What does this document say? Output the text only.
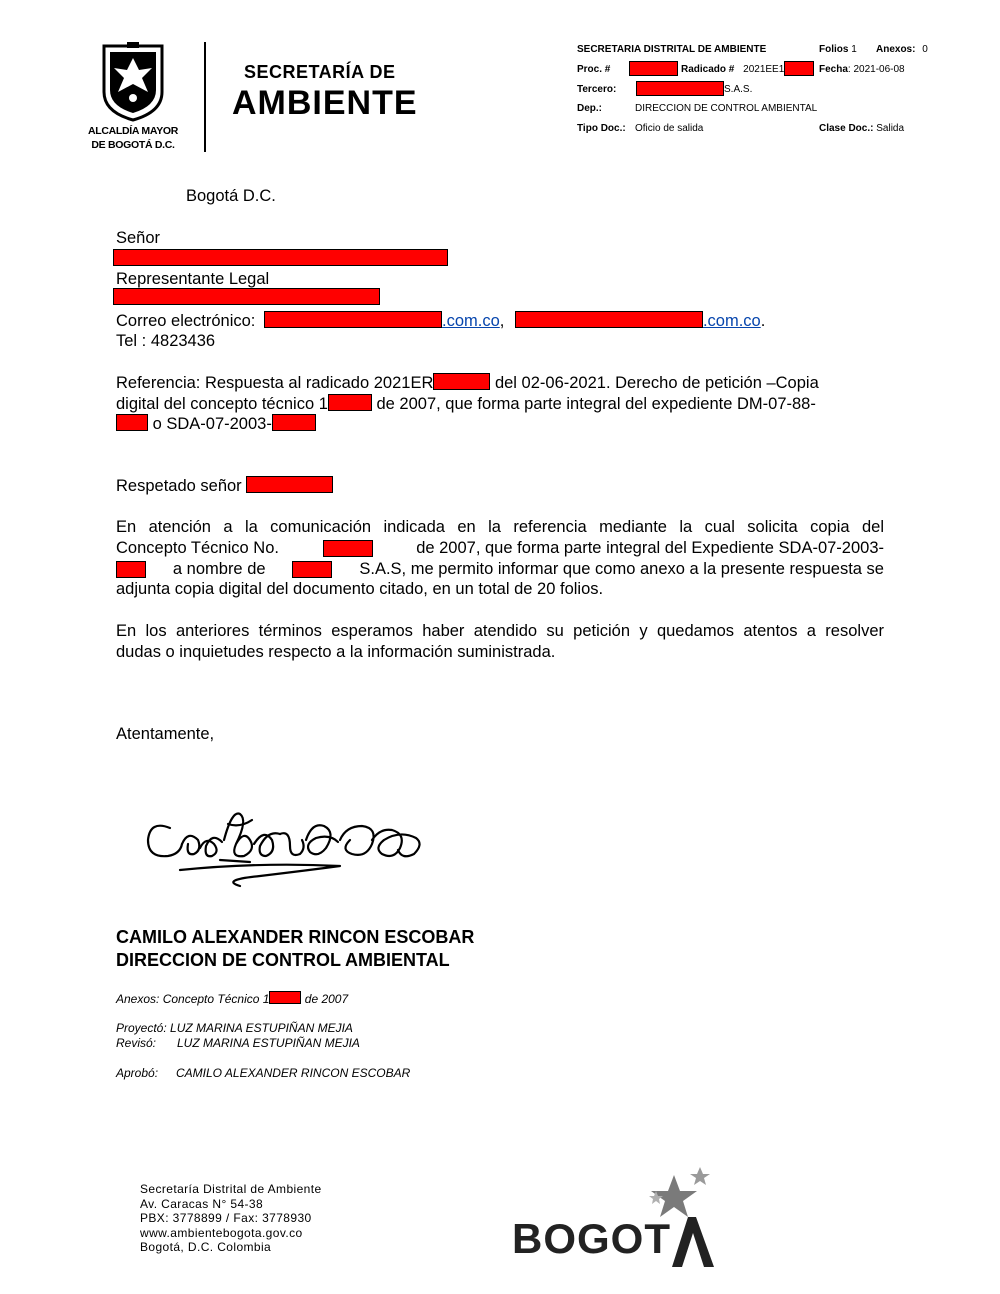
ALCALDÍA MAYOR
DE BOGOTÁ D.C.
SECRETARÍA DE
AMBIENTE
SECRETARIA DISTRITAL DE AMBIENTE	Folios 1 Anexos: 0
Proc. #	Radicado # 2021EE1	Fecha: 2021-06-08
Tercero:	S.A.S.
Dep.:	DIRECCION DE CONTROL AMBIENTAL
Tipo Doc.: Oficio de salida	Clase Doc.: Salida
Bogotá D.C.
Señor
Representante Legal
Correo electrónico:	.com.co,	.com.co.
Tel : 4823436
Referencia: Respuesta al radicado 2021ER	del 02-06-2021. Derecho de petición –Copia
digital del concepto técnico 1	de 2007, que forma parte integral del expediente DM-07-88-
o SDA-07-2003-
Respetado señor
En atención a la comunicación indicada en la referencia mediante la cual solicita copia del
Concepto Técnico No.	de 2007, que forma parte integral del Expediente SDA-07-2003-
a nombre de	S.A.S, me permito informar que como anexo a la presente respuesta se
adjunta copia digital del documento citado, en un total de 20 folios.
En los anteriores términos esperamos haber atendido su petición y quedamos atentos a resolver
dudas o inquietudes respecto a la información suministrada.
Atentamente,
CAMILO ALEXANDER RINCON ESCOBAR
DIRECCION DE CONTROL AMBIENTAL
Anexos: Concepto Técnico 1	de 2007
Proyectó: LUZ MARINA ESTUPIÑAN MEJIA
Revisó: LUZ MARINA ESTUPIÑAN MEJIA
Aprobó: CAMILO ALEXANDER RINCON ESCOBAR
Secretaría Distrital de Ambiente
Av. Caracas N° 54-38
PBX: 3778899 / Fax: 3778930
www.ambientebogota.gov.co
Bogotá, D.C. Colombia	BOGOT
